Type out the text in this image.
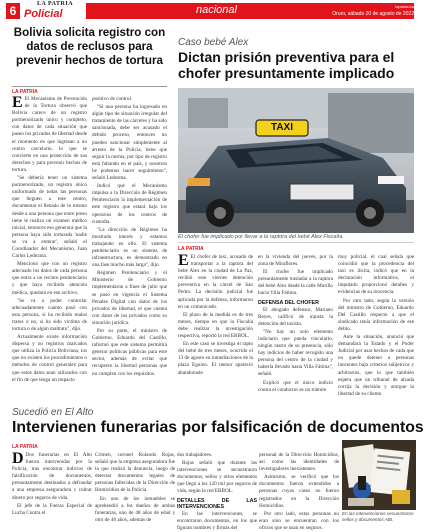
6	LA PATRIA
Policial	nacional	lapatria.bo
Oruro, sábado 20 de agosto de 2022
Bolivia solicita registro con datos de reclusos para prevenir hechos de tortura
LA PATRIA

E El Mecanismo de Prevención de la Tortura observó que Bolivia carece de un registro pormenorizado único y completo, con datos de cada situación que pasen los privados de libertad desde el momento en que ingresan a un centro carcelario, lo que se convierte en una protección de sus derechos y para prevenir hechos de tortura.

"Se debería tener un sistema pormenorizado, un registro único uniformado de todas las personas que lleguen a este centro, documentar el llenado de lo mismo desde a una persona que entre preso tiene le realiza un examen médico inicial, entonces eso generará que la persona haya sido torturada 'nadie se va a enterar', señaló el Coordinador del Mecanismo, Juan Carlos Ledezma.

Mencionó que con un registro adecuado los datos de cada persona que entra a un recinto penitenciario y que haya recibido atención médica, quedará en ese archivo.

"Se va a poder controlar adecuadamente cuánto pasó con esta persona, si ha recibido malos tratos o no, si ha sido víctima de tortura o de algún maltrato", dijo.

Actualmente existe información dispersa y no registros marcados que utiliza la Policía Boliviana, los que no existen los procedimientos o métodos de control generales para que estos datos sean utilizados con el fin de que tenga un impacto

positivo de control.

"Si una persona ha ingresado en algún tipo de situación irregular del tratamiento de las cárceles y ha sido sancionada, debe ser acusado el debido proceso, entonces no pueden sancionar simplemente al arresto de la Policía, tiene que seguir la norma, por tipo de registro está faltando en el país, y nosotros he podemos hacer seguimiento", señaló Ledezma.

Indicó que el Mecanismo impulsa a la Dirección de Régimen Penitenciario la implementación de este registro que estará bajo los operarios de los centros de custodia.

"La dirección de Régimen ha mostrado interés y estamos trabajando en ello. El sistema penitenciario es un sistema de infraestructura, es demostrado en una fase mucho más larga", dijo.

Régimen Penitenciario y el Ministerio de Gobierno implementaron a fines de julio que se pusó en vigencia el Sistema Penales Digital con datos de los privados de libertad, el que cuenta con datos de los privados como su situación jurídica.

Por su parte, el ministro de Gobierno, Eduardo del Castillo, informó que este sistema permitirá generar políticas públicas para este sector, además de evitar que recuperen la libertad personas que no cumplen con los requisitos.

Caso bebé Alex
Dictan prisión preventiva para el chofer presuntamente implicado
TAXI
El chofer fue implicado por llevar a la raptora del bebé Alex Fiscalía.
LA PATRIA

E El chofer de taxi, acusado de transportar a la raptora del bebé Alex en la ciudad de La Paz, recibió este viernes detención preventiva en la cárcel de San Pedro. La decisión judicial fue aplicada por la defensa, informaron en un comunicado.

El plazo de la medida es de tres meses, tiempo en que la Fiscalía debe realizar la investigación respectiva, reportó la red ERBOL.

En este caso se investiga el rapto del bebé de tres meses, ocurrido el 13 de agosto en inmediaciones de la plaza Eguino. El menor apareció abandonado

en la vivienda del jueves, por la zona de Miraflores.

El chofer fue implicado presuntamente trasladar a la raptora del bebé Alex desde la calle Murillo hacia Villa Fátima.

DEFENSA DEL CHOFER

El abogado defensor, Mariano Reyes, calificó de injusta la detención del taxista.

"No hay un solo elemento indiciario que pueda vincularlo, ningún rastro de su presencia, sólo hay indicios de haber recogido una persona del centro de la ciudad y haberla llevado hasta Villa Fátima", señaló.

Explicó que el único indicio contra el conductor es un trámite

muy policial, el cual señala que coincidió que la procedencia del taxi es ilícita, indicó que en la declaración informativa, el imputado proporcionó detalles y evidencias de su inocencia.

Por otro lado, según la versión del ministro de Gobierno, Eduardo Del Castillo respecto a que el sindicado tenía información de ese delito.

Ante la situación, anunció que demandará la Estado y el Poder Judicial por usar hechos de cada que no quede detener a personas inocentes bajo criterios subjetivos y arbitrarios, que lo que también espera que un tribunal de alzada corrija la decisión y otorgue la libertad de su cliente.

Sucedió en El Alto
Intervienen funerarias por falsificación de documentos
LA PATRIA

D Dos funerarias en El Alto fueron intervenidas por la Policía, tras encontrar indicios de falsificación de documentos, presuntamente destinados a defraudar a una empresa aseguradora y cobrar dinero por seguros de vida.

El jefe de la Fuerza Especial de Lucha Contra el

Crimen, coronel Rolando Rojas, señaló que la empresa aseguradora fue la que realizó la denuncia, luego de detectar documentos legales de personas fallecidas de la Dirección de Homicidios de la Policía.

En uno de los inmuebles se aprehendió a los dueños de ambas funerarias, uno de 48 años de edad y otro de 46 años, además de

dos trabajadores.

Rojas señaló que durante las intervenciones se secuestraron documentos, sellos y otros elementos que llegó a los 120 mil por seguros de vida, según la red ERBOL.

DETALLES DE LAS INTERVENCIONES

En las intervenciones, se encontraron documentos, en los que figuran nombres y firmas del

personal de la Dirección Homicidios, así como las identidades de investigadores inexistentes.

Asimismo, se verificó que los documentos fueron extendidos a personas cuyos casos no fueron registrados en la Dirección Homicidios.

Por otro lado, estas personas no eran sino se encuentran con los oficios que se usan en seguros.

En las intervenciones secuestraron sellos y documentos ABI.
